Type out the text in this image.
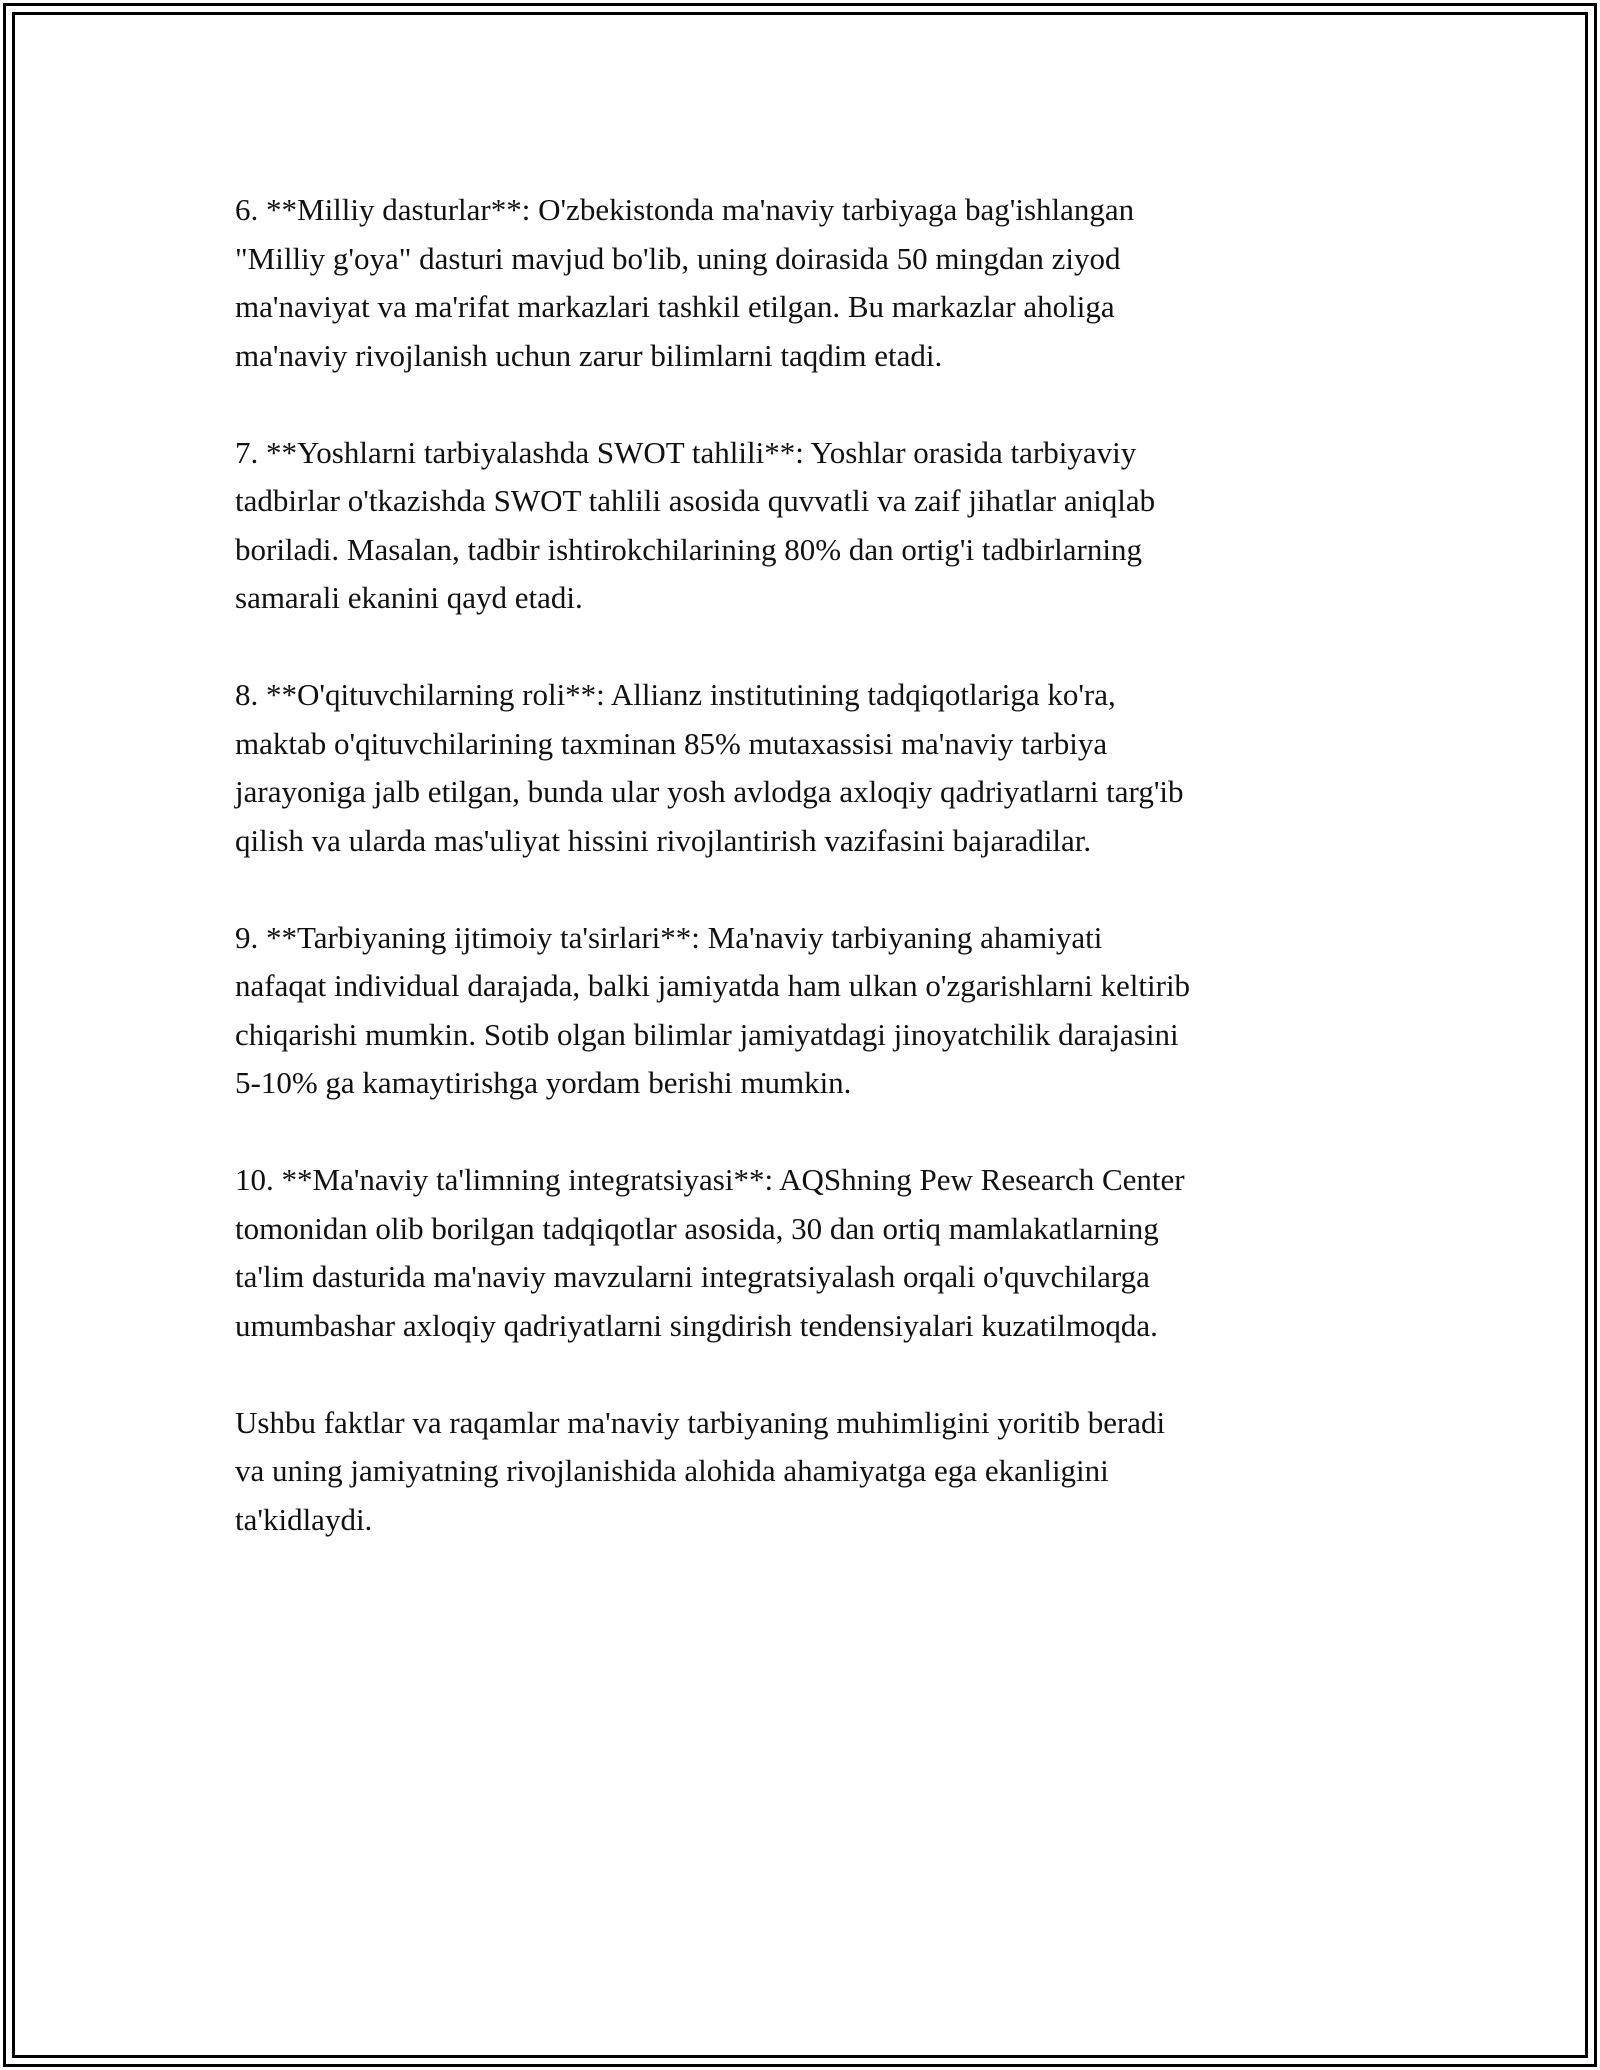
6. **Milliy dasturlar**: O'zbekistonda ma'naviy tarbiyaga bag'ishlangan
"Milliy g'oya" dasturi mavjud bo'lib, uning doirasida 50 mingdan ziyod
ma'naviyat va ma'rifat markazlari tashkil etilgan. Bu markazlar aholiga
ma'naviy rivojlanish uchun zarur bilimlarni taqdim etadi.

7. **Yoshlarni tarbiyalashda SWOT tahlili**: Yoshlar orasida tarbiyaviy
tadbirlar o'tkazishda SWOT tahlili asosida quvvatli va zaif jihatlar aniqlab
boriladi. Masalan, tadbir ishtirokchilarining 80% dan ortig'i tadbirlarning
samarali ekanini qayd etadi.

8. **O'qituvchilarning roli**: Allianz institutining tadqiqotlariga ko'ra,
maktab o'qituvchilarining taxminan 85% mutaxassisi ma'naviy tarbiya
jarayoniga jalb etilgan, bunda ular yosh avlodga axloqiy qadriyatlarni targ'ib
qilish va ularda mas'uliyat hissini rivojlantirish vazifasini bajaradilar.

9. **Tarbiyaning ijtimoiy ta'sirlari**: Ma'naviy tarbiyaning ahamiyati
nafaqat individual darajada, balki jamiyatda ham ulkan o'zgarishlarni keltirib
chiqarishi mumkin. Sotib olgan bilimlar jamiyatdagi jinoyatchilik darajasini
5-10% ga kamaytirishga yordam berishi mumkin.

10. **Ma'naviy ta'limning integratsiyasi**: AQShning Pew Research Center
tomonidan olib borilgan tadqiqotlar asosida, 30 dan ortiq mamlakatlarning
ta'lim dasturida ma'naviy mavzularni integratsiyalash orqali o'quvchilarga
umumbashar axloqiy qadriyatlarni singdirish tendensiyalari kuzatilmoqda.

Ushbu faktlar va raqamlar ma'naviy tarbiyaning muhimligini yoritib beradi
va uning jamiyatning rivojlanishida alohida ahamiyatga ega ekanligini
ta'kidlaydi.
